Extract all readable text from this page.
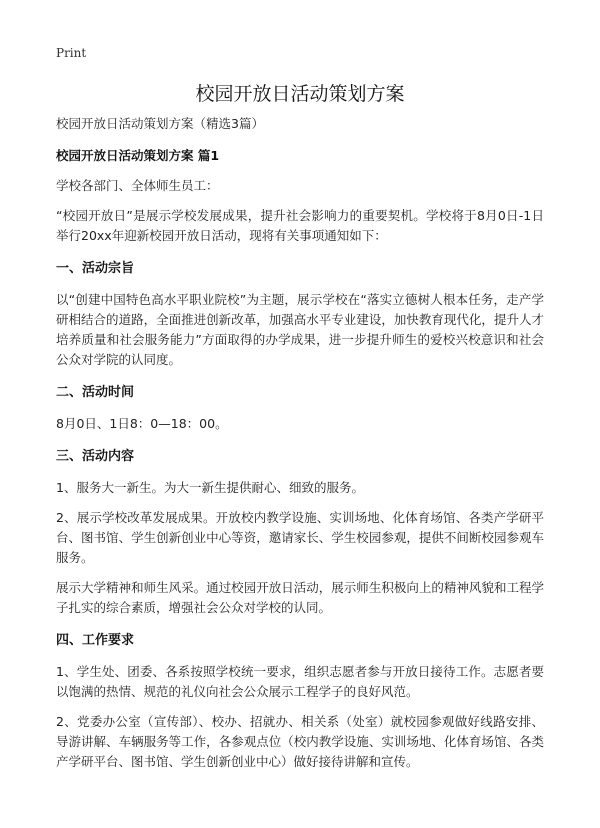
Print
校园开放日活动策划方案
校园开放日活动策划方案（精选3篇）
校园开放日活动策划方案 篇1

学校各部门、全体师生员工：

“校园开放日”是展示学校发展成果，提升社会影响力的重要契机。学校将于8月0日-1日举行20xx年迎新校园开放日活动，现将有关事项通知如下：

一、活动宗旨

以“创建中国特色高水平职业院校”为主题，展示学校在“落实立德树人根本任务，走产学研相结合的道路，全面推进创新改革，加强高水平专业建设，加快教育现代化，提升人才培养质量和社会服务能力”方面取得的办学成果，进一步提升师生的爱校兴校意识和社会公众对学院的认同度。

二、活动时间

8月0日、1日8：0—18：00。

三、活动内容

1、服务大一新生。为大一新生提供耐心、细致的服务。

2、展示学校改革发展成果。开放校内教学设施、实训场地、化体育场馆、各类产学研平台、图书馆、学生创新创业中心等资，邀请家长、学生校园参观，提供不间断校园参观车服务。

展示大学精神和师生风采。通过校园开放日活动，展示师生积极向上的精神风貌和工程学子扎实的综合素质，增强社会公众对学校的认同。

四、工作要求

1、学生处、团委、各系按照学校统一要求，组织志愿者参与开放日接待工作。志愿者要以饱满的热情、规范的礼仪向社会公众展示工程学子的良好风范。

2、党委办公室（宣传部）、校办、招就办、相关系（处室）就校园参观做好线路安排、导游讲解、车辆服务等工作，各参观点位（校内教学设施、实训场地、化体育场馆、各类产学研平台、图书馆、学生创新创业中心）做好接待讲解和宣传。
